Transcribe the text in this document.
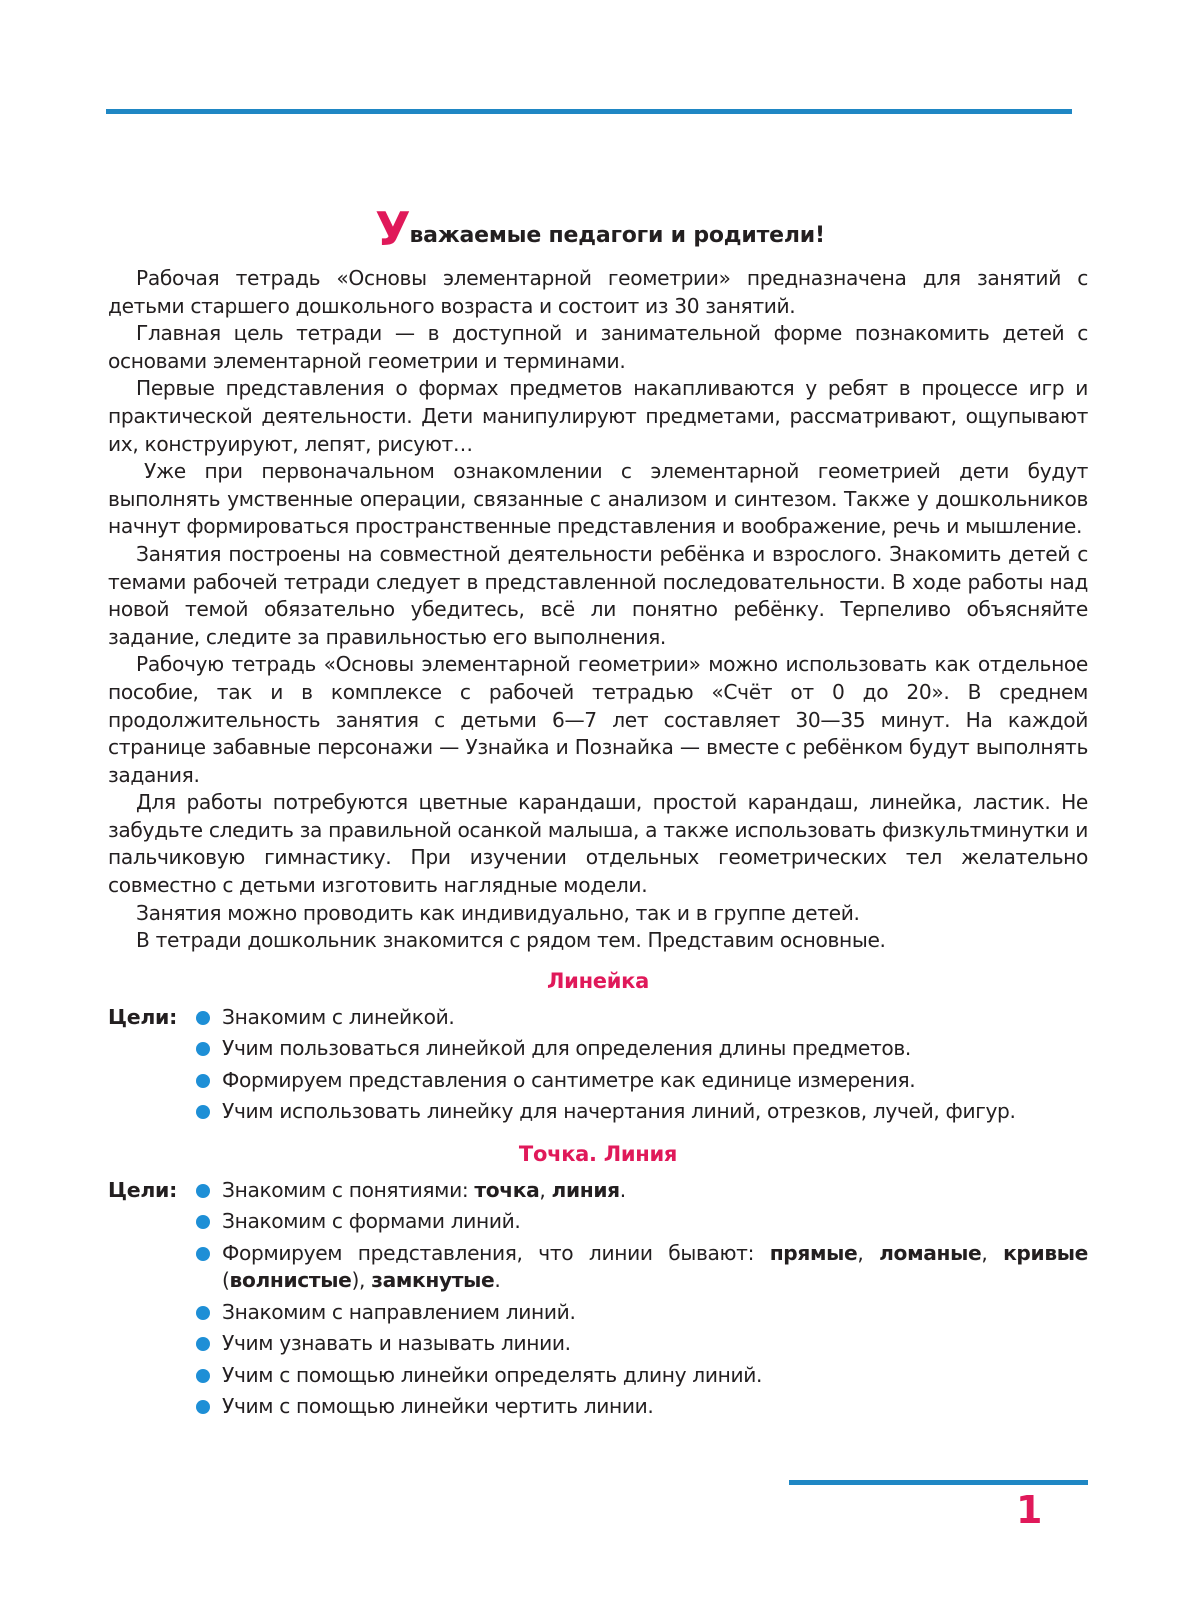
Уважаемые педагоги и родители!

Рабочая тетрадь «Основы элементарной геометрии» предназначена для занятий с детьми старшего дошкольного возраста и состоит из 30 занятий.

Главная цель тетради — в доступной и занимательной форме познакомить детей с основами элементарной геометрии и терминами.

Первые представления о формах предметов накапливаются у ребят в процессе игр и практической деятельности. Дети манипулируют предметами, рассматривают, ощупывают их, конструируют, лепят, рисуют…

Уже при первоначальном ознакомлении с элементарной геометрией дети будут выполнять умственные операции, связанные с анализом и синтезом. Также у дошкольников начнут формироваться пространственные представления и воображение, речь и мышление.

Занятия построены на совместной деятельности ребёнка и взрослого. Знакомить детей с темами рабочей тетради следует в представленной последовательности. В ходе работы над новой темой обязательно убедитесь, всё ли понятно ребёнку. Терпеливо объясняйте задание, следите за правильностью его выполнения.

Рабочую тетрадь «Основы элементарной геометрии» можно использовать как отдельное пособие, так и в комплексе с рабочей тетрадью «Счёт от 0 до 20». В среднем продолжительность занятия с детьми 6—7 лет составляет 30—35 минут. На каждой странице забавные персонажи — Узнайка и Познайка — вместе с ребёнком будут выполнять задания.

Для работы потребуются цветные карандаши, простой карандаш, линейка, ластик. Не забудьте следить за правильной осанкой малыша, а также использовать физкультминутки и пальчиковую гимнастику. При изучении отдельных геометрических тел желательно совместно с детьми изготовить наглядные модели.

Занятия можно проводить как индивидуально, так и в группе детей.

В тетради дошкольник знакомится с рядом тем. Представим основные.

Линейка
Цели:	Знакомим с линейкой.
Учим пользоваться линейкой для определения длины предметов.
Формируем представления о сантиметре как единице измерения.
Учим использовать линейку для начертания линий, отрезков, лучей, фигур.
Точка. Линия
Цели:	Знакомим с понятиями: точка, линия.
Знакомим с формами линий.
Формируем представления, что линии бывают: прямые, ломаные, кривые (волнистые), замкнутые.
Знакомим с направлением линий.
Учим узнавать и называть линии.
Учим с помощью линейки определять длину линий.
Учим с помощью линейки чертить линии.
1
